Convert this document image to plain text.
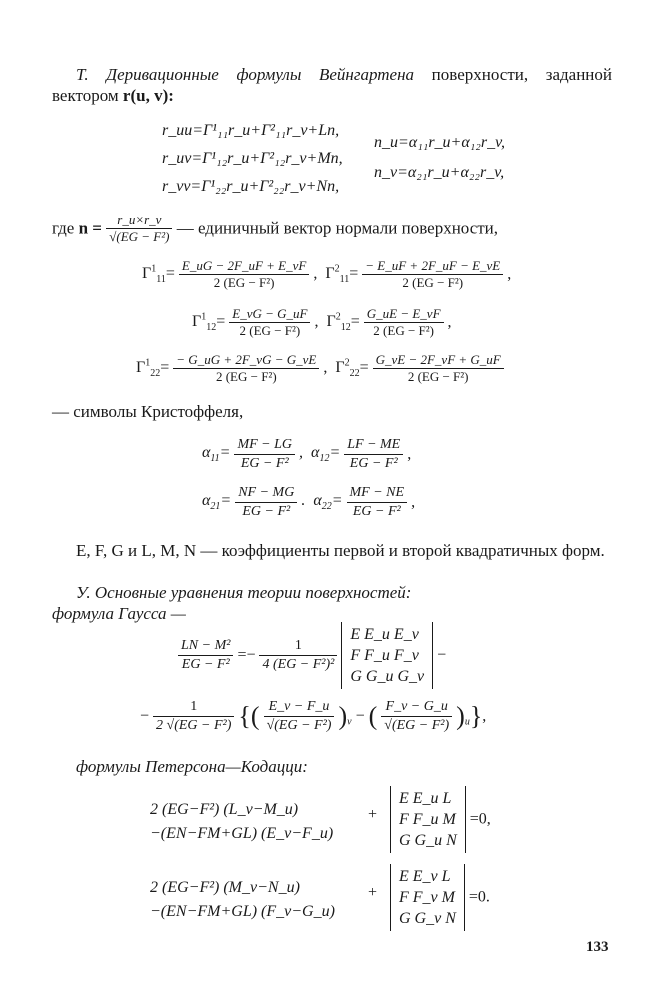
Т. Деривационные формулы Вейнгартена поверхности, заданной вектором r(u, v):
r_uu=Γ¹₁₁r_u+Γ²₁₁r_v+Ln,
r_uv=Γ¹₁₂r_u+Γ²₁₂r_v+Mn,
r_vv=Γ¹₂₂r_u+Γ²₂₂r_v+Nn,
n_u=α₁₁r_u+α₁₂r_v,
n_v=α₂₁r_u+α₂₂r_v,
где $n = \frac{r\_u\times r\_v}{\text{√(EG − F²)}}$ — единичный вектор нормали поверхности,
$\Gamma^1_{11}= \frac{E\_uG - 2F\_uF + E\_vF}{\text{2 (EG − F²)}}$ ,  $\Gamma^2_{11}= \frac{- E\_uF + 2F\_uF - E\_vE}{\text{2 (EG − F²)}}$ ,
$\Gamma^1_{12}= \frac{E\_vG - G\_uF}{\text{2 (EG − F²)}}$ ,  $\Gamma^2_{12}= \frac{G\_uE - E\_vF}{\text{2 (EG − F²)}}$ ,
$\Gamma^1_{22}= \frac{- G\_uG + 2F\_vG - G\_vE}{\text{2 (EG − F²)}}$ ,  $\Gamma^2_{22}= \frac{G\_vE - 2F\_vF + G\_uF}{\text{2 (EG − F²)}}$
— символы Кристоффеля,
$\alpha_{11}= \frac{MF - LG}{\text{EG − F²}}$ ,  $\alpha_{12}= \frac{LF - ME}{\text{EG − F²}}$ ,
$\alpha_{21}= \frac{NF - MG}{\text{EG − F²}}$ .  $\alpha_{22}= \frac{MF - NE}{\text{EG − F²}}$ ,
E, F, G и L, M, N — коэффициенты первой и второй квадратичных форм.
У. Основные уравнения теории поверхностей:
формула Гаусса —
$\frac{\text{LN − M²}}{\text{EG − F²}} =- \frac{1}{\text{4 (EG − F²)²}}$

E E_u E_v
F F_u F_v
G G_u G_v
−
− $\frac{1}{\text{2 √(EG − F²)}}$ {( $\frac{E\_v - F\_u}{\text{√(EG − F²)}} )_v$ − ( $\frac{F\_v - G\_u}{\text{√(EG − F²)}} )_u$},
формулы Петерсона—Кодацци:
2 (EG−F²) (L_v−M_u)
−(EN−FM+GL) (E_v−F_u)
+
E E_u L
F F_u M
G G_u N
=0,
2 (EG−F²) (M_v−N_u)
−(EN−FM+GL) (F_v−G_u)
+
E E_v L
F F_v M
G G_v N
=0.
133
